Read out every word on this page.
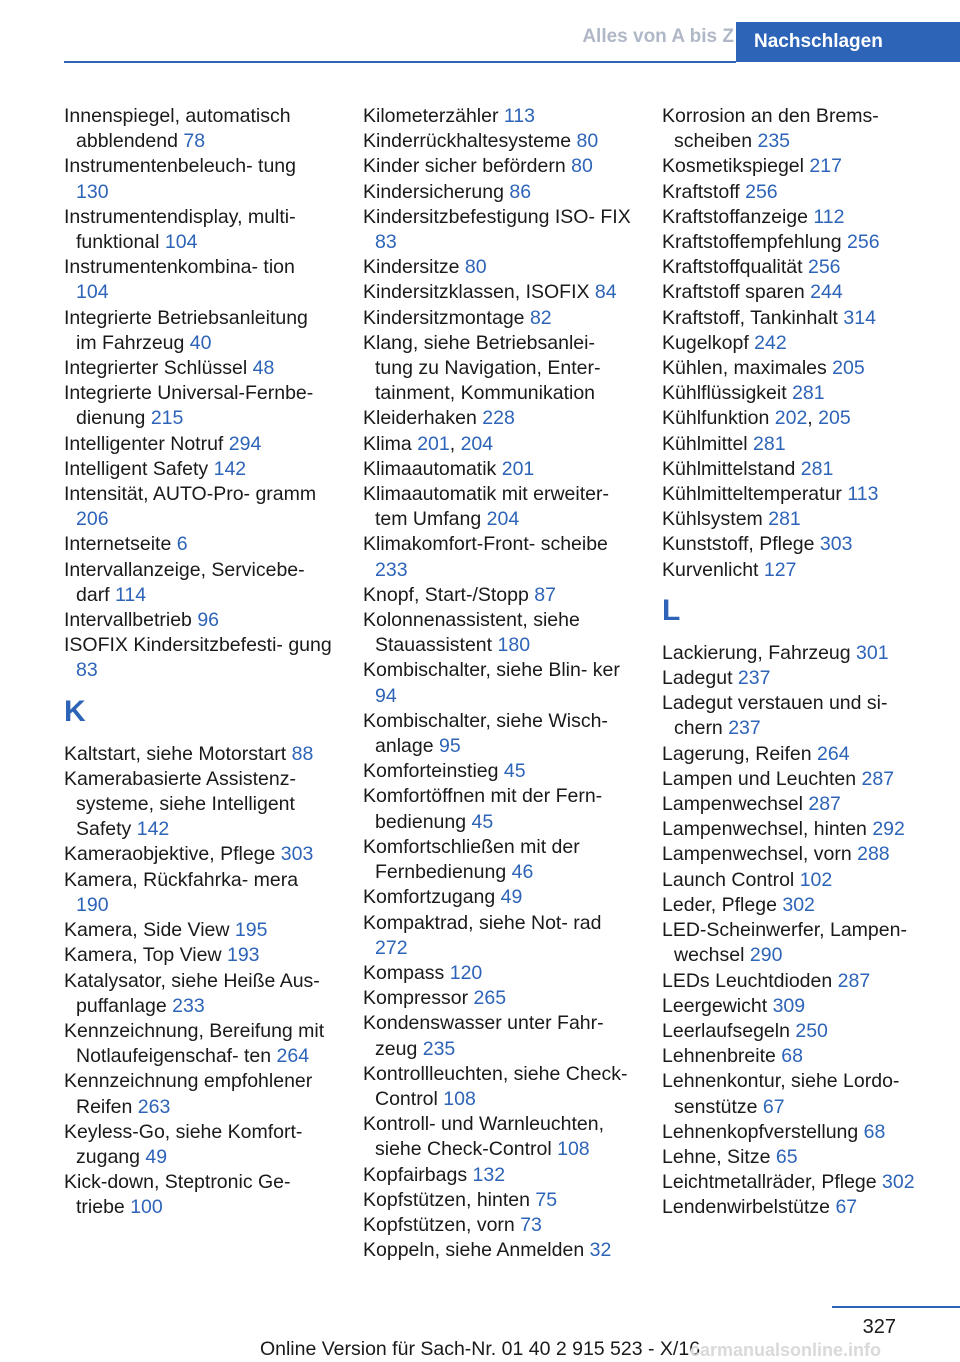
Alles von A bis Z	Nachschlagen
Innenspiegel, automatisch abblendend 78
Instrumentenbeleuch- tung 130
Instrumentendisplay, multi- funktional 104
Instrumentenkombina- tion 104
Integrierte Betriebsanleitung im Fahrzeug 40
Integrierter Schlüssel 48
Integrierte Universal-Fernbe- dienung 215
Intelligenter Notruf 294
Intelligent Safety 142
Intensität, AUTO-Pro- gramm 206
Internetseite 6
Intervallanzeige, Servicebe- darf 114
Intervallbetrieb 96
ISOFIX Kindersitzbefesti- gung 83
K
Kaltstart, siehe Motorstart 88
Kamerabasierte Assistenz- systeme, siehe Intelligent Safety 142
Kameraobjektive, Pflege 303
Kamera, Rückfahrka- mera 190
Kamera, Side View 195
Kamera, Top View 193
Katalysator, siehe Heiße Aus- puffanlage 233
Kennzeichnung, Bereifung mit Notlaufeigenschaf- ten 264
Kennzeichnung empfohlener Reifen 263
Keyless-Go, siehe Komfort- zugang 49
Kick-down, Steptronic Ge- triebe 100
Kilometerzähler 113
Kinderrückhaltesysteme 80
Kinder sicher befördern 80
Kindersicherung 86
Kindersitzbefestigung ISO- FIX 83
Kindersitze 80
Kindersitzklassen, ISOFIX 84
Kindersitzmontage 82
Klang, siehe Betriebsanlei- tung zu Navigation, Enter- tainment, Kommunikation
Kleiderhaken 228
Klima 201, 204
Klimaautomatik 201
Klimaautomatik mit erweiter- tem Umfang 204
Klimakomfort-Front- scheibe 233
Knopf, Start-/Stopp 87
Kolonnenassistent, siehe Stauassistent 180
Kombischalter, siehe Blin- ker 94
Kombischalter, siehe Wisch- anlage 95
Komforteinstieg 45
Komfortöffnen mit der Fern- bedienung 45
Komfortschließen mit der Fernbedienung 46
Komfortzugang 49
Kompaktrad, siehe Not- rad 272
Kompass 120
Kompressor 265
Kondenswasser unter Fahr- zeug 235
Kontrollleuchten, siehe Check-Control 108
Kontroll- und Warnleuchten, siehe Check-Control 108
Kopfairbags 132
Kopfstützen, hinten 75
Kopfstützen, vorn 73
Koppeln, siehe Anmelden 32
Korrosion an den Brems- scheiben 235
Kosmetikspiegel 217
Kraftstoff 256
Kraftstoffanzeige 112
Kraftstoffempfehlung 256
Kraftstoffqualität 256
Kraftstoff sparen 244
Kraftstoff, Tankinhalt 314
Kugelkopf 242
Kühlen, maximales 205
Kühlflüssigkeit 281
Kühlfunktion 202, 205
Kühlmittel 281
Kühlmittelstand 281
Kühlmitteltemperatur 113
Kühlsystem 281
Kunststoff, Pflege 303
Kurvenlicht 127
L
Lackierung, Fahrzeug 301
Ladegut 237
Ladegut verstauen und si- chern 237
Lagerung, Reifen 264
Lampen und Leuchten 287
Lampenwechsel 287
Lampenwechsel, hinten 292
Lampenwechsel, vorn 288
Launch Control 102
Leder, Pflege 302
LED-Scheinwerfer, Lampen- wechsel 290
LEDs Leuchtdioden 287
Leergewicht 309
Leerlaufsegeln 250
Lehnenbreite 68
Lehnenkontur, siehe Lordo- senstütze 67
Lehnenkopfverstellung 68
Lehne, Sitze 65
Leichtmetallräder, Pflege 302
Lendenwirbelstütze 67
327
Online Version für Sach-Nr. 01 40 2 915 523 - X/16
carmanualsonline.info
